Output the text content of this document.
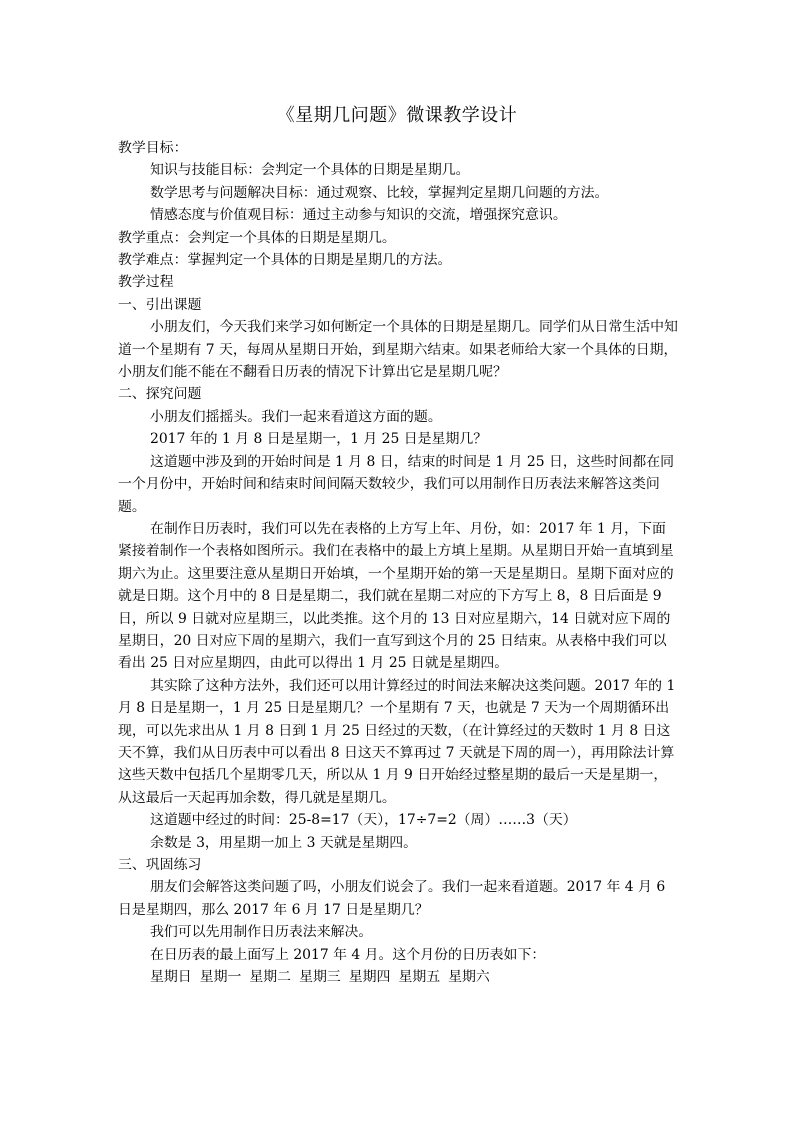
《星期几问题》微课教学设计

教学目标：

知识与技能目标：会判定一个具体的日期是星期几。

数学思考与问题解决目标：通过观察、比较，掌握判定星期几问题的方法。

情感态度与价值观目标：通过主动参与知识的交流，增强探究意识。

教学重点：会判定一个具体的日期是星期几。

教学难点：掌握判定一个具体的日期是星期几的方法。

教学过程

一、引出课题

小朋友们，今天我们来学习如何断定一个具体的日期是星期几。同学们从日常生活中知道一个星期有 7 天，每周从星期日开始，到星期六结束。如果老师给大家一个具体的日期，小朋友们能不能在不翻看日历表的情况下计算出它是星期几呢？

二、探究问题

小朋友们摇摇头。我们一起来看道这方面的题。

2017 年的 1 月 8 日是星期一，1 月 25 日是星期几？

这道题中涉及到的开始时间是 1 月 8 日，结束的时间是 1 月 25 日，这些时间都在同一个月份中，开始时间和结束时间间隔天数较少，我们可以用制作日历表法来解答这类问题。

在制作日历表时，我们可以先在表格的上方写上年、月份，如：2017 年 1 月，下面紧接着制作一个表格如图所示。我们在表格中的最上方填上星期。从星期日开始一直填到星期六为止。这里要注意从星期日开始填，一个星期开始的第一天是星期日。星期下面对应的就是日期。这个月中的 8 日是星期二，我们就在星期二对应的下方写上 8，8 日后面是 9 日，所以 9 日就对应星期三，以此类推。这个月的 13 日对应星期六，14 日就对应下周的星期日，20 日对应下周的星期六，我们一直写到这个月的 25 日结束。从表格中我们可以看出 25 日对应星期四，由此可以得出 1 月 25 日就是星期四。

其实除了这种方法外，我们还可以用计算经过的时间法来解决这类问题。2017 年的 1 月 8 日是星期一，1 月 25 日是星期几？一个星期有 7 天，也就是 7 天为一个周期循环出现，可以先求出从 1 月 8 日到 1 月 25 日经过的天数，（在计算经过的天数时 1 月 8 日这天不算，我们从日历表中可以看出 8 日这天不算再过 7 天就是下周的周一），再用除法计算这些天数中包括几个星期零几天，所以从 1 月 9 日开始经过整星期的最后一天是星期一，从这最后一天起再加余数，得几就是星期几。

这道题中经过的时间：25-8=17（天），17÷7=2（周）……3（天）

余数是 3，用星期一加上 3 天就是星期四。

三、巩固练习

朋友们会解答这类问题了吗，小朋友们说会了。我们一起来看道题。2017 年 4 月 6 日是星期四，那么 2017 年 6 月 17 日是星期几？

我们可以先用制作日历表法来解决。

在日历表的最上面写上 2017 年 4 月。这个月份的日历表如下：

星期日 星期一 星期二 星期三 星期四 星期五 星期六
